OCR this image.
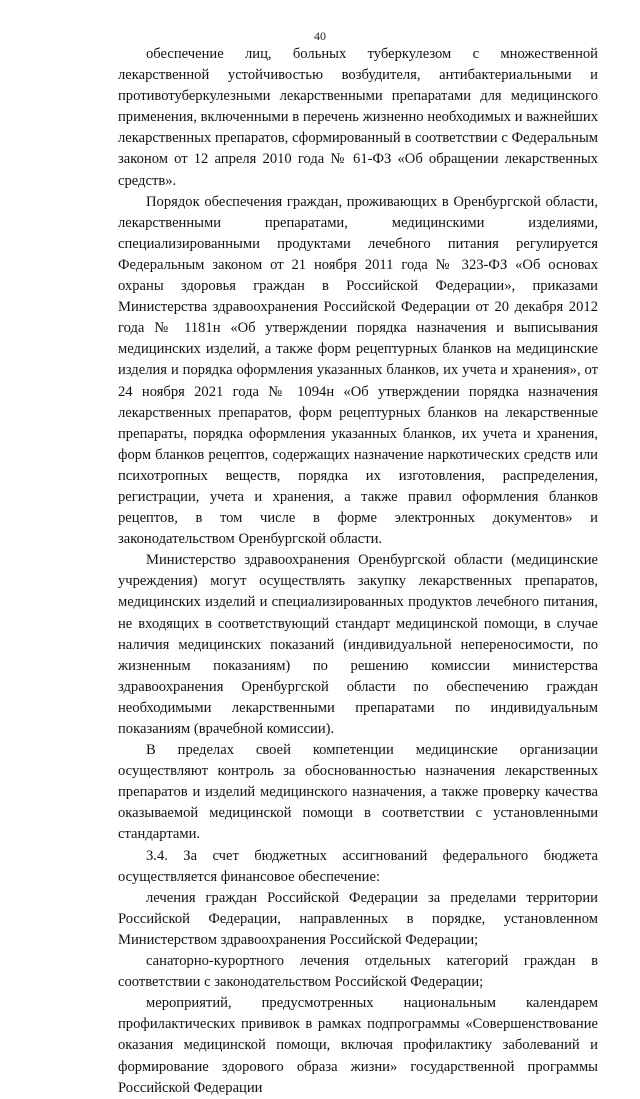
40

обеспечение лиц, больных туберкулезом с множественной лекарственной устойчивостью возбудителя, антибактериальными и противотуберкулезными лекарственными препаратами для медицинского применения, включенными в перечень жизненно необходимых и важнейших лекарственных препаратов, сформированный в соответствии с Федеральным законом от 12 апреля 2010 года № 61-ФЗ «Об обращении лекарственных средств».

Порядок обеспечения граждан, проживающих в Оренбургской области, лекарственными препаратами, медицинскими изделиями, специализированными продуктами лечебного питания регулируется Федеральным законом от 21 ноября 2011 года № 323-ФЗ «Об основах охраны здоровья граждан в Российской Федерации», приказами Министерства здравоохранения Российской Федерации от 20 декабря 2012 года № 1181н «Об утверждении порядка назначения и выписывания медицинских изделий, а также форм рецептурных бланков на медицинские изделия и порядка оформления указанных бланков, их учета и хранения», от 24 ноября 2021 года № 1094н «Об утверждении порядка назначения лекарственных препаратов, форм рецептурных бланков на лекарственные препараты, порядка оформления указанных бланков, их учета и хранения, форм бланков рецептов, содержащих назначение наркотических средств или психотропных веществ, порядка их изготовления, распределения, регистрации, учета и хранения, а также правил оформления бланков рецептов, в том числе в форме электронных документов» и законодательством Оренбургской области.

Министерство здравоохранения Оренбургской области (медицинские учреждения) могут осуществлять закупку лекарственных препаратов, медицинских изделий и специализированных продуктов лечебного питания, не входящих в соответствующий стандарт медицинской помощи, в случае наличия медицинских показаний (индивидуальной непереносимости, по жизненным показаниям) по решению комиссии министерства здравоохранения Оренбургской области по обеспечению граждан необходимыми лекарственными препаратами по индивидуальным показаниям (врачебной комиссии).

В пределах своей компетенции медицинские организации осуществляют контроль за обоснованностью назначения лекарственных препаратов и изделий медицинского назначения, а также проверку качества оказываемой медицинской помощи в соответствии с установленными стандартами.

3.4. За счет бюджетных ассигнований федерального бюджета осуществляется финансовое обеспечение:

лечения граждан Российской Федерации за пределами территории Российской Федерации, направленных в порядке, установленном Министерством здравоохранения Российской Федерации;

санаторно-курортного лечения отдельных категорий граждан в соответствии с законодательством Российской Федерации;

мероприятий, предусмотренных национальным календарем профилактических прививок в рамках подпрограммы «Совершенствование оказания медицинской помощи, включая профилактику заболеваний и формирование здорового образа жизни» государственной программы Российской Федерации
